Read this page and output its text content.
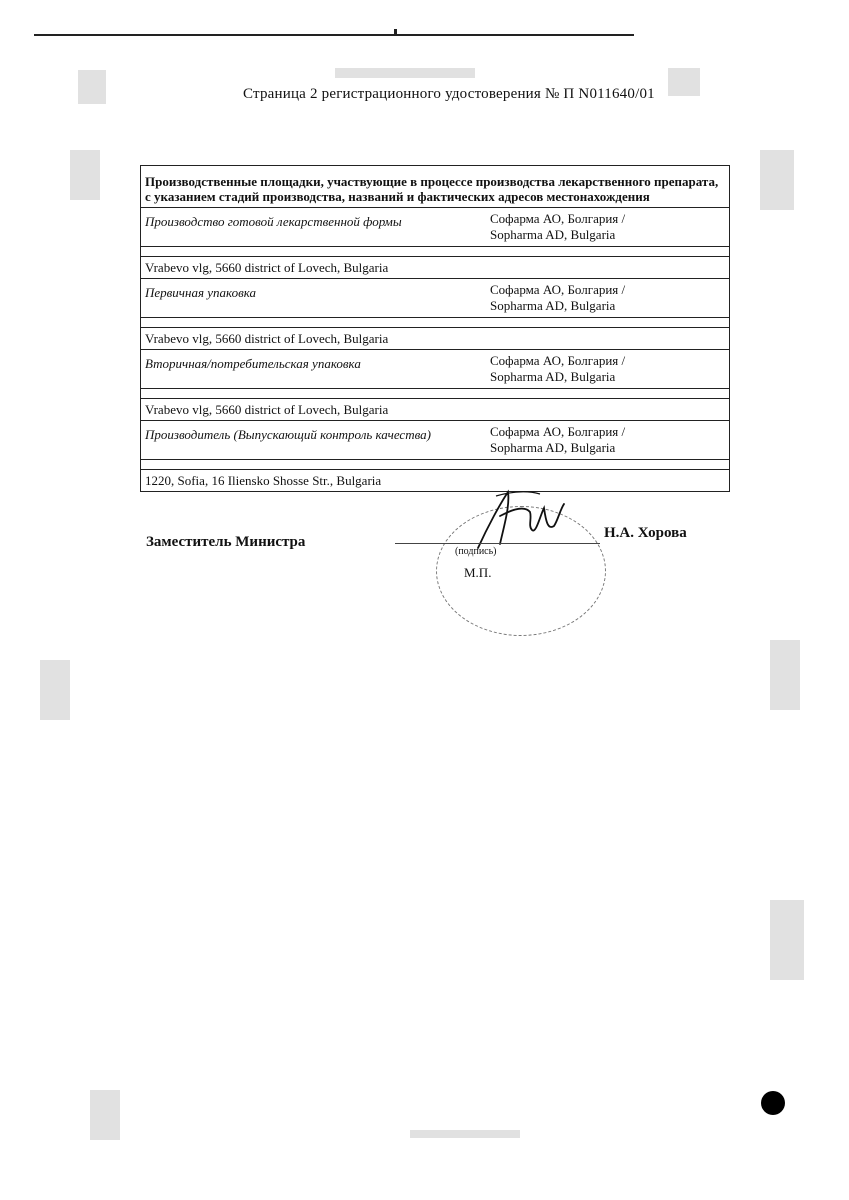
Страница 2 регистрационного удостоверения № П N011640/01
Производственные площадки, участвующие в процессе производства лекарственного препарата, с указанием стадий производства, названий и фактических адресов местонахождения
Производство готовой лекарственной формы	Софарма АО, Болгария /
Sopharma AD, Bulgaria
Vrabevo vlg, 5660 district of Lovech, Bulgaria
Первичная упаковка	Софарма АО, Болгария /
Sopharma AD, Bulgaria
Vrabevo vlg, 5660 district of Lovech, Bulgaria
Вторичная/потребительская упаковка	Софарма АО, Болгария /
Sopharma AD, Bulgaria
Vrabevo vlg, 5660 district of Lovech, Bulgaria
Производитель (Выпускающий контроль качества)	Софарма АО, Болгария /
Sopharma AD, Bulgaria
1220, Sofia, 16 Iliensko Shosse Str., Bulgaria
Заместитель Министра
(подпись)
М.П.
Н.А. Хорова
